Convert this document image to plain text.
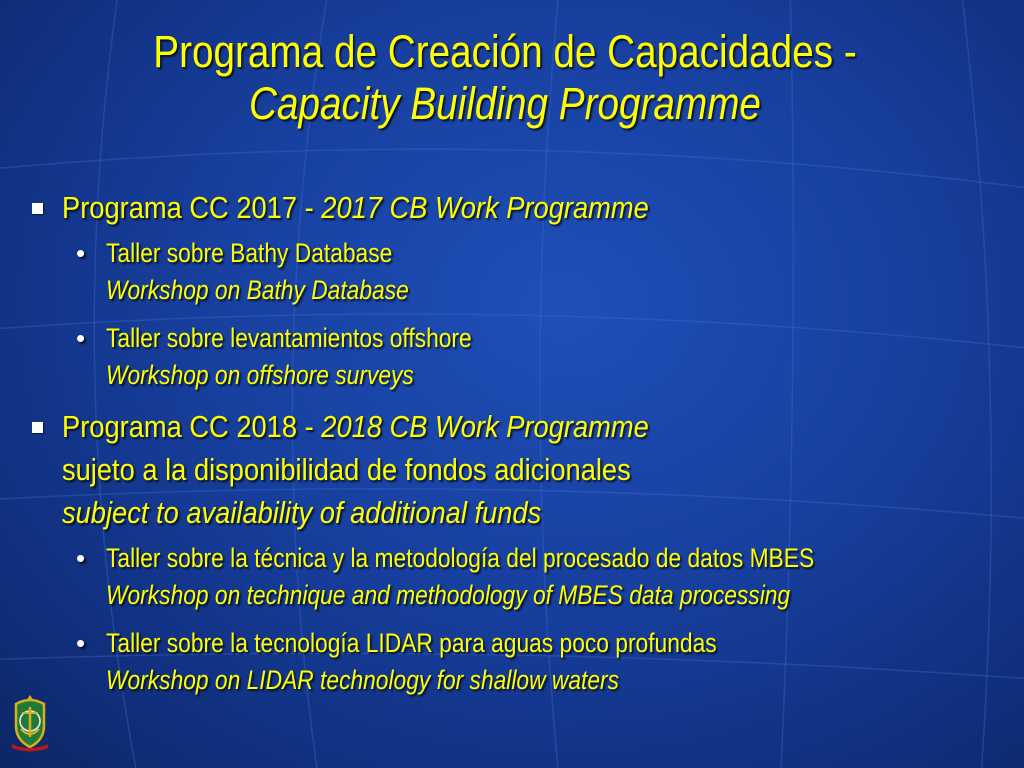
Programa de Creación de Capacidades -
Capacity Building Programme
Programa CC 2017 - 2017 CB Work Programme
• Taller sobre Bathy Database
Workshop on Bathy Database
• Taller sobre levantamientos offshore
Workshop on offshore surveys
Programa CC 2018 - 2018 CB Work Programme
sujeto a la disponibilidad de fondos adicionales
subject to availability of additional funds
• Taller sobre la técnica y la metodología del procesado de datos MBES
Workshop on technique and methodology of MBES data processing
• Taller sobre la tecnología LIDAR para aguas poco profundas
Workshop on LIDAR technology for shallow waters
